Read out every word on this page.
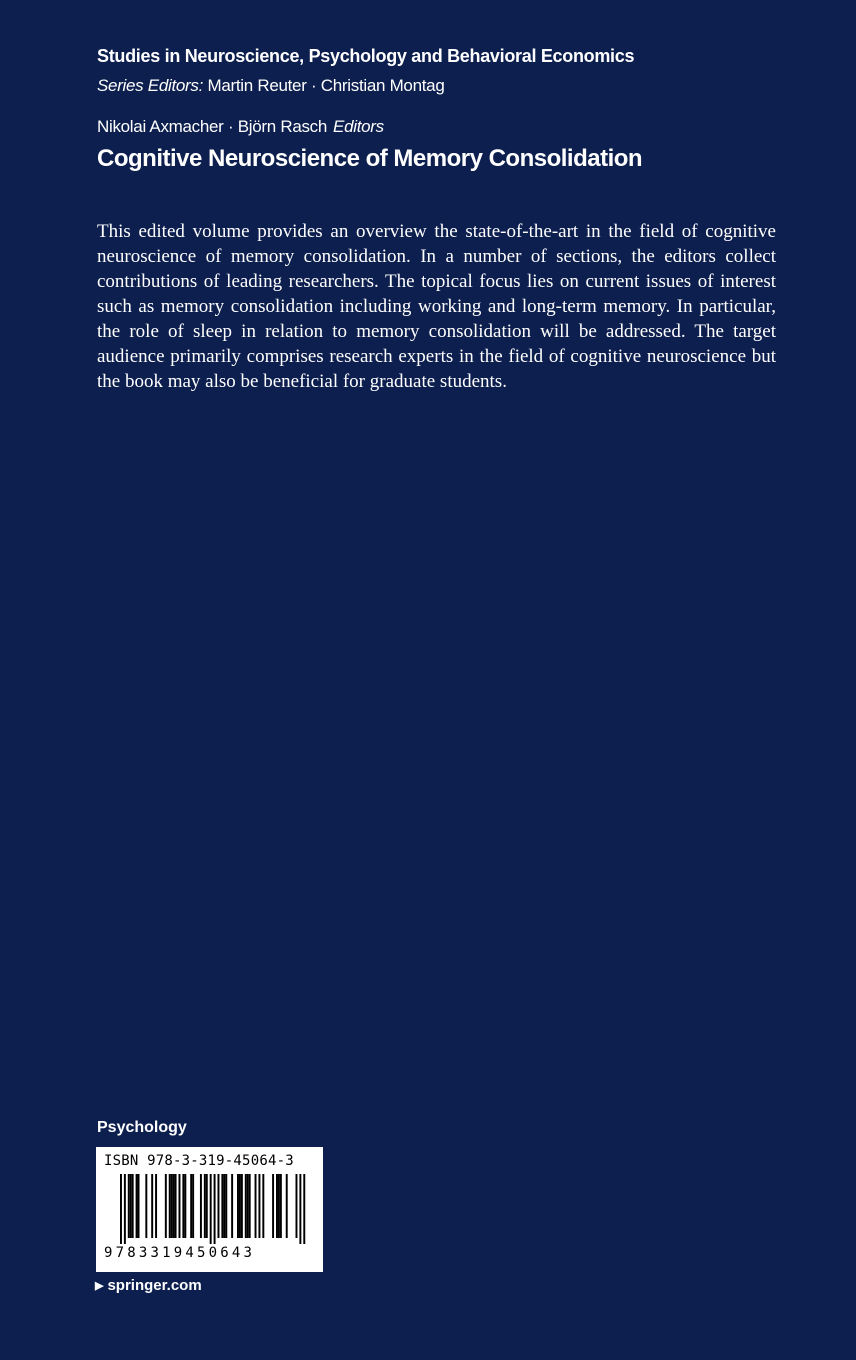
Studies in Neuroscience, Psychology and Behavioral Economics
Series Editors: Martin Reuter · Christian Montag
Nikolai Axmacher · Björn Rasch Editors
Cognitive Neuroscience of Memory Consolidation

This edited volume provides an overview the state-of-the-art in the field of cognitive neuroscience of memory consolidation. In a number of sections, the editors collect contributions of leading researchers. The topical focus lies on current issues of interest such as memory consolidation including working and long-term memory. In particular, the role of sleep in relation to memory consolidation will be addressed. The target audience primarily comprises research experts in the field of cognitive neuroscience but the book may also be beneficial for graduate students.

Psychology
ISBN 978-3-319-45064-3
9783319450643
▶ springer.com
